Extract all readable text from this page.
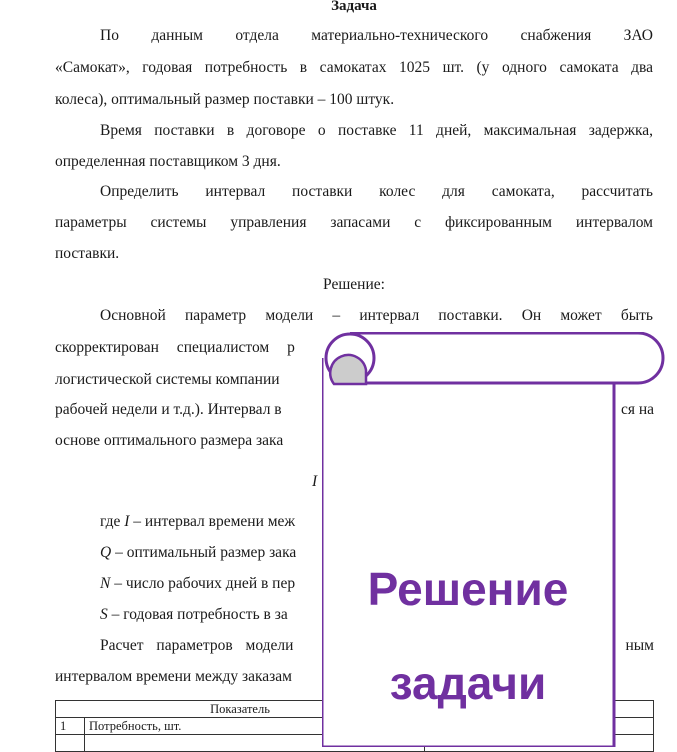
Задача
По данным отдела материально-технического снабжения ЗАО
«Самокат», годовая потребность в самокатах 1025 шт. (у одного самоката два
колеса), оптимальный размер поставки – 100 штук.
Время поставки в договоре о поставке 11 дней, максимальная задержка,
определенная поставщиком 3 дня.
Определить интервал поставки колес для самоката, рассчитать
параметры системы управления запасами с фиксированным интервалом
поставки.
Решение:
Основной параметр модели – интервал поставки. Он может быть
скорректирован специалистом р
логистической системы компании
рабочей недели и т.д.). Интервал в	ся на
основе оптимального размера зака
I
где I – интервал времени меж
Q – оптимальный размер зака
N – число рабочих дней в пер
S – годовая потребность в за
Расчет параметров модели	ным
интервалом времени между заказам
Показатель		
1	Потребность, шт.	

Решение
задачи
